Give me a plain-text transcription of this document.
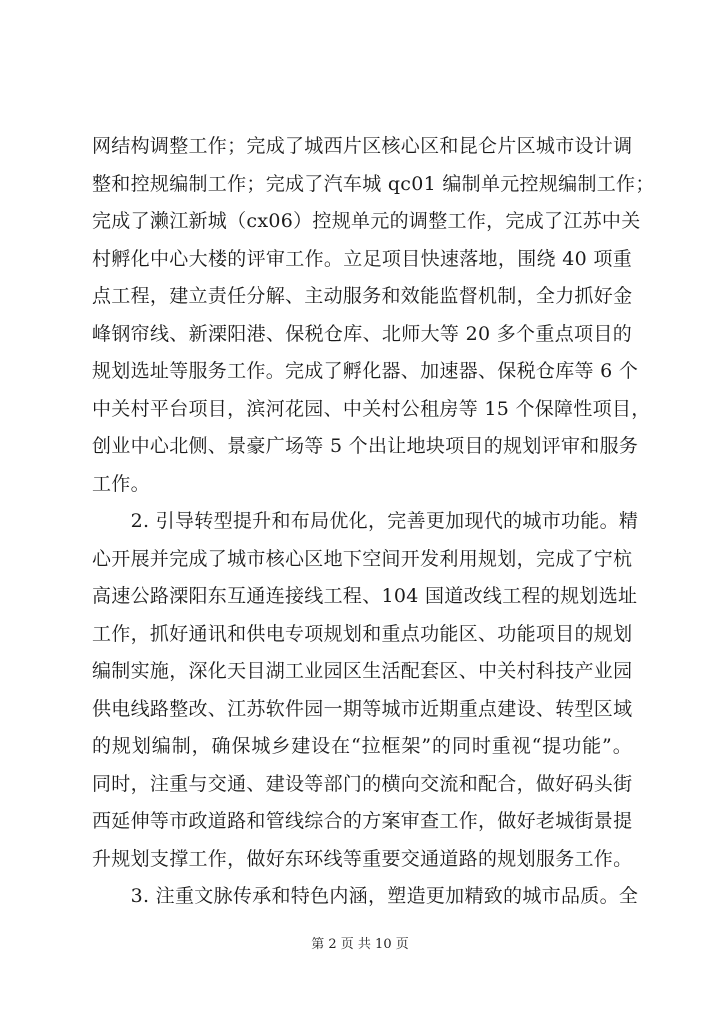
网结构调整工作；完成了城西片区核心区和昆仑片区城市设计调
整和控规编制工作；完成了汽车城 qc01 编制单元控规编制工作；
完成了濑江新城（cx06）控规单元的调整工作，完成了江苏中关
村孵化中心大楼的评审工作。立足项目快速落地，围绕 40 项重
点工程，建立责任分解、主动服务和效能监督机制，全力抓好金
峰钢帘线、新溧阳港、保税仓库、北师大等 20 多个重点项目的
规划选址等服务工作。完成了孵化器、加速器、保税仓库等 6 个
中关村平台项目，滨河花园、中关村公租房等 15 个保障性项目，
创业中心北侧、景豪广场等 5 个出让地块项目的规划评审和服务
工作。
　　2. 引导转型提升和布局优化，完善更加现代的城市功能。精
心开展并完成了城市核心区地下空间开发利用规划，完成了宁杭
高速公路溧阳东互通连接线工程、104 国道改线工程的规划选址
工作，抓好通讯和供电专项规划和重点功能区、功能项目的规划
编制实施，深化天目湖工业园区生活配套区、中关村科技产业园
供电线路整改、江苏软件园一期等城市近期重点建设、转型区域
的规划编制，确保城乡建设在“拉框架”的同时重视“提功能”。
同时，注重与交通、建设等部门的横向交流和配合，做好码头街
西延伸等市政道路和管线综合的方案审查工作，做好老城街景提
升规划支撑工作，做好东环线等重要交通道路的规划服务工作。
　　3. 注重文脉传承和特色内涵，塑造更加精致的城市品质。全
第 2 页 共 10 页
